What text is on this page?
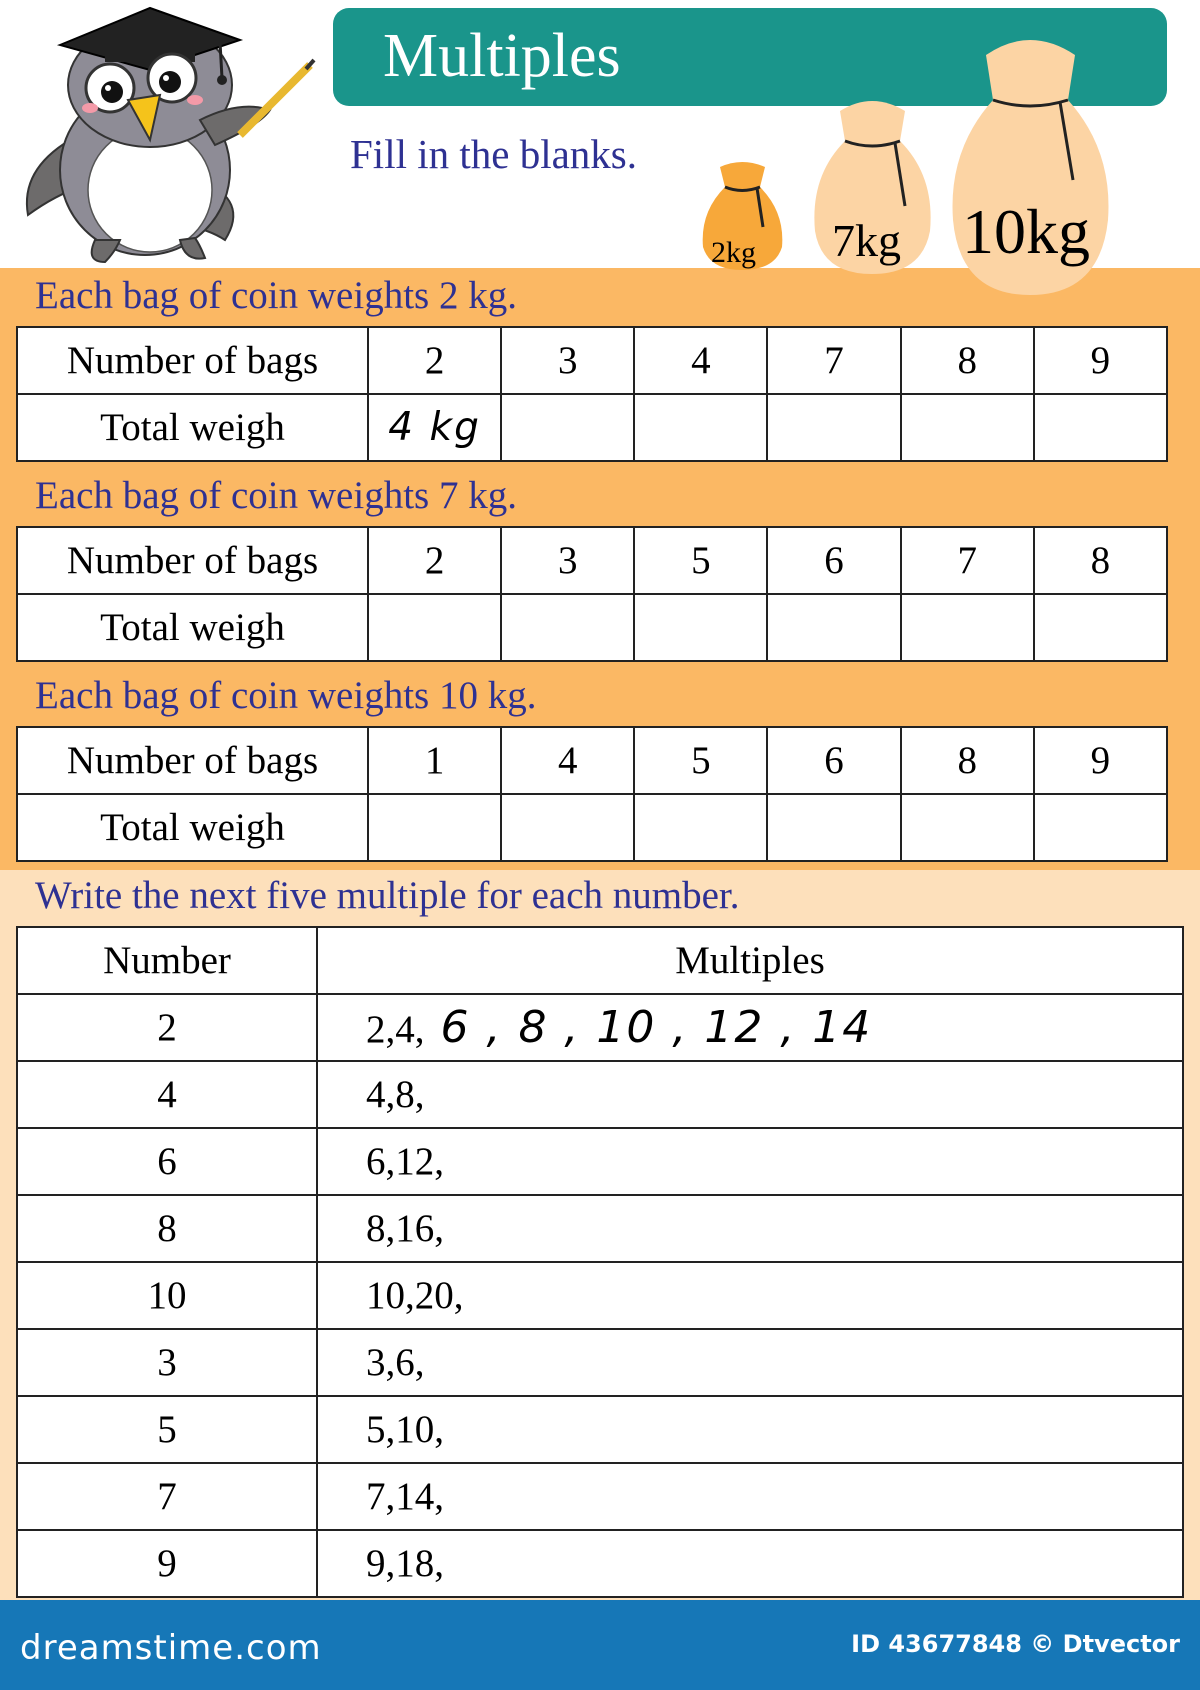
Multiples
Fill in the blanks.
2kg 7kg 10kg
Each bag of coin weights 2 kg.
Number of bags	2	3	4	7	8	9
Total weigh	4 kg					
Each bag of coin weights 7 kg.
Number of bags	2	3	5	6	7	8
Total weigh						
Each bag of coin weights 10 kg.
Number of bags	1	4	5	6	8	9
Total weigh						
Write the next five multiple for each number.
Number	Multiples
2	2,4, 6 , 8 , 10 , 12 , 14
4	4,8,
6	6,12,
8	8,16,
10	10,20,
3	3,6,
5	5,10,
7	7,14,
9	9,18,
dreamstime.com	ID 43677848 © Dtvector
